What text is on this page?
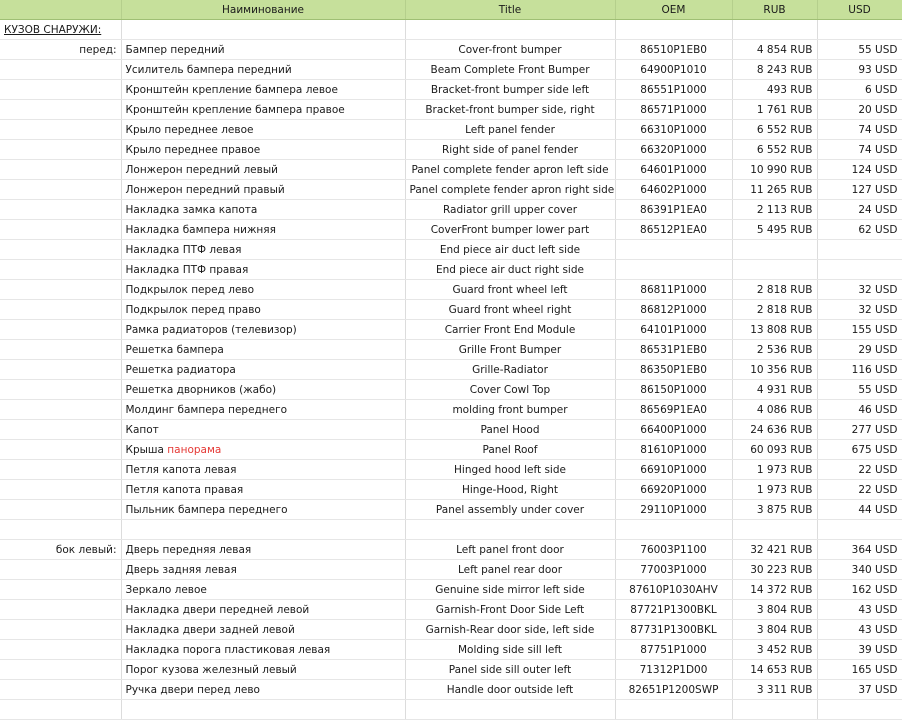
	Наиминование	Title	OEM	RUB	USD
КУЗОВ СНАРУЖИ:					
перед:	Бампер передний	Cover-front bumper	86510P1EB0	4 854 RUB	55 USD
	Усилитель бампера передний	Beam Complete Front Bumper	64900P1010	8 243 RUB	93 USD
	Кронштейн крепление бампера левое	Bracket-front bumper side left	86551P1000	493 RUB	6 USD
	Кронштейн крепление бампера правое	Bracket-front bumper side, right	86571P1000	1 761 RUB	20 USD
	Крыло переднее левое	Left panel fender	66310P1000	6 552 RUB	74 USD
	Крыло переднее правое	Right side of panel fender	66320P1000	6 552 RUB	74 USD
	Лонжерон передний левый	Panel complete fender apron left side	64601P1000	10 990 RUB	124 USD
	Лонжерон передний правый	Panel complete fender apron right side	64602P1000	11 265 RUB	127 USD
	Накладка замка капота	Radiator grill upper cover	86391P1EA0	2 113 RUB	24 USD
	Накладка бампера нижняя	CoverFront bumper lower part	86512P1EA0	5 495 RUB	62 USD
	Накладка ПТФ левая	End piece air duct left side			
	Накладка ПТФ правая	End piece air duct right side			
	Подкрылок перед лево	Guard front wheel left	86811P1000	2 818 RUB	32 USD
	Подкрылок перед право	Guard front wheel right	86812P1000	2 818 RUB	32 USD
	Рамка радиаторов (телевизор)	Carrier Front End Module	64101P1000	13 808 RUB	155 USD
	Решетка бампера	Grille Front Bumper	86531P1EB0	2 536 RUB	29 USD
	Решетка радиатора	Grille-Radiator	86350P1EB0	10 356 RUB	116 USD
	Решетка дворников (жабо)	Cover Cowl Top	86150P1000	4 931 RUB	55 USD
	Молдинг бампера переднего	molding front bumper	86569P1EA0	4 086 RUB	46 USD
	Капот	Panel Hood	66400P1000	24 636 RUB	277 USD
	Крыша панорама	Panel Roof	81610P1000	60 093 RUB	675 USD
	Петля капота левая	Hinged hood left side	66910P1000	1 973 RUB	22 USD
	Петля капота правая	Hinge-Hood, Right	66920P1000	1 973 RUB	22 USD
	Пыльник бампера переднего	Panel assembly under cover	29110P1000	3 875 RUB	44 USD

бок левый:	Дверь передняя левая	Left panel front door	76003P1100	32 421 RUB	364 USD
	Дверь задняя левая	Left panel rear door	77003P1000	30 223 RUB	340 USD
	Зеркало левое	Genuine side mirror left side	87610P1030AHV	14 372 RUB	162 USD
	Накладка двери передней левой	Garnish-Front Door Side Left	87721P1300BKL	3 804 RUB	43 USD
	Накладка двери задней левой	Garnish-Rear door side, left side	87731P1300BKL	3 804 RUB	43 USD
	Накладка порога пластиковая левая	Molding side sill left	87751P1000	3 452 RUB	39 USD
	Порог кузова железный левый	Panel side sill outer left	71312P1D00	14 653 RUB	165 USD
	Ручка двери перед лево	Handle door outside left	82651P1200SWP	3 311 RUB	37 USD
